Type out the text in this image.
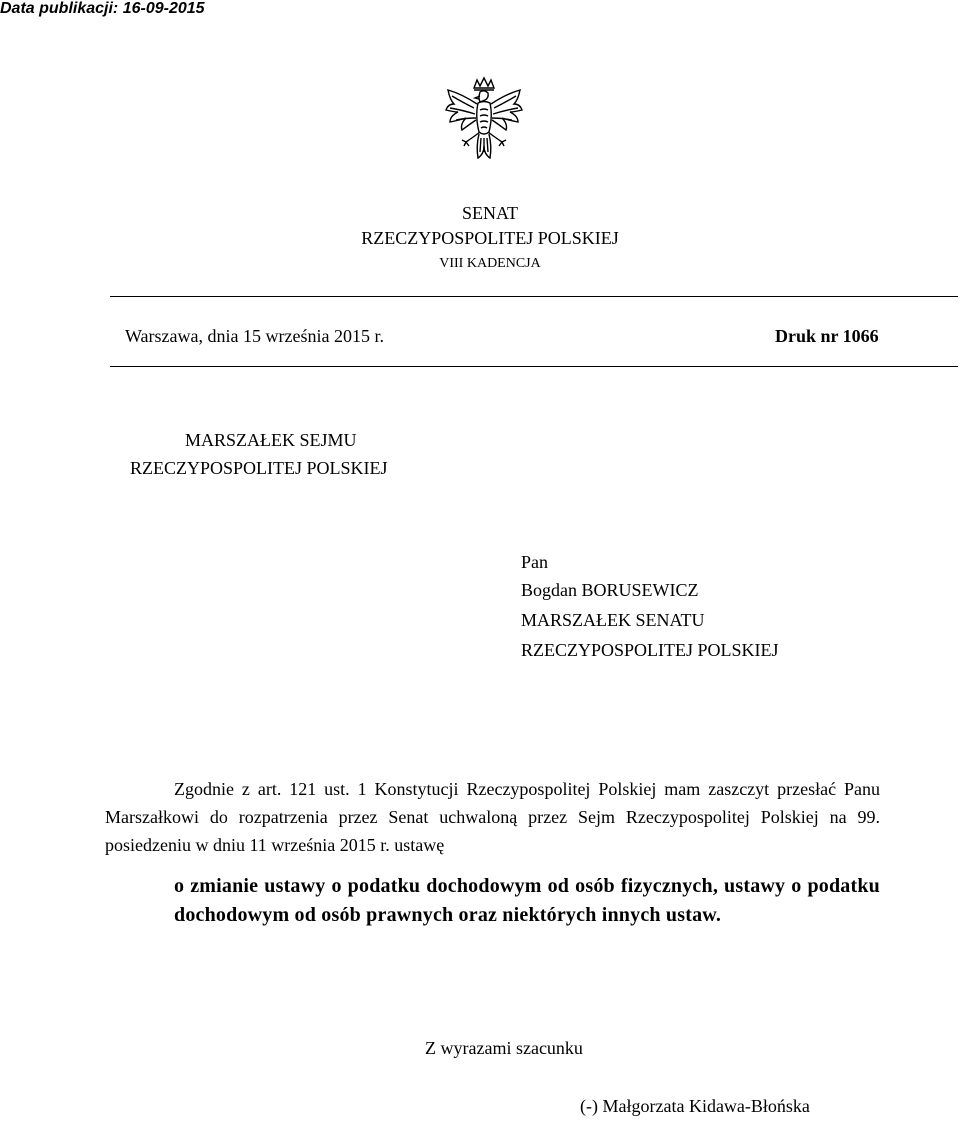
Data publikacji: 16-09-2015
SENAT
RZECZYPOSPOLITEJ POLSKIEJ
VIII KADENCJA
Warszawa, dnia 15 września 2015 r.	Druk nr 1066
MARSZAŁEK SEJMU
RZECZYPOSPOLITEJ POLSKIEJ
Pan
Bogdan BORUSEWICZ
MARSZAŁEK SENATU
RZECZYPOSPOLITEJ POLSKIEJ
Zgodnie z art. 121 ust. 1 Konstytucji Rzeczypospolitej Polskiej mam zaszczyt przesłać Panu Marszałkowi do rozpatrzenia przez Senat uchwaloną przez Sejm Rzeczypospolitej Polskiej na 99. posiedzeniu w dniu 11 września 2015 r. ustawę
o zmianie ustawy o podatku dochodowym od osób fizycznych, ustawy o podatku dochodowym od osób prawnych oraz niektórych innych ustaw.
Z wyrazami szacunku
(-) Małgorzata Kidawa-Błońska
